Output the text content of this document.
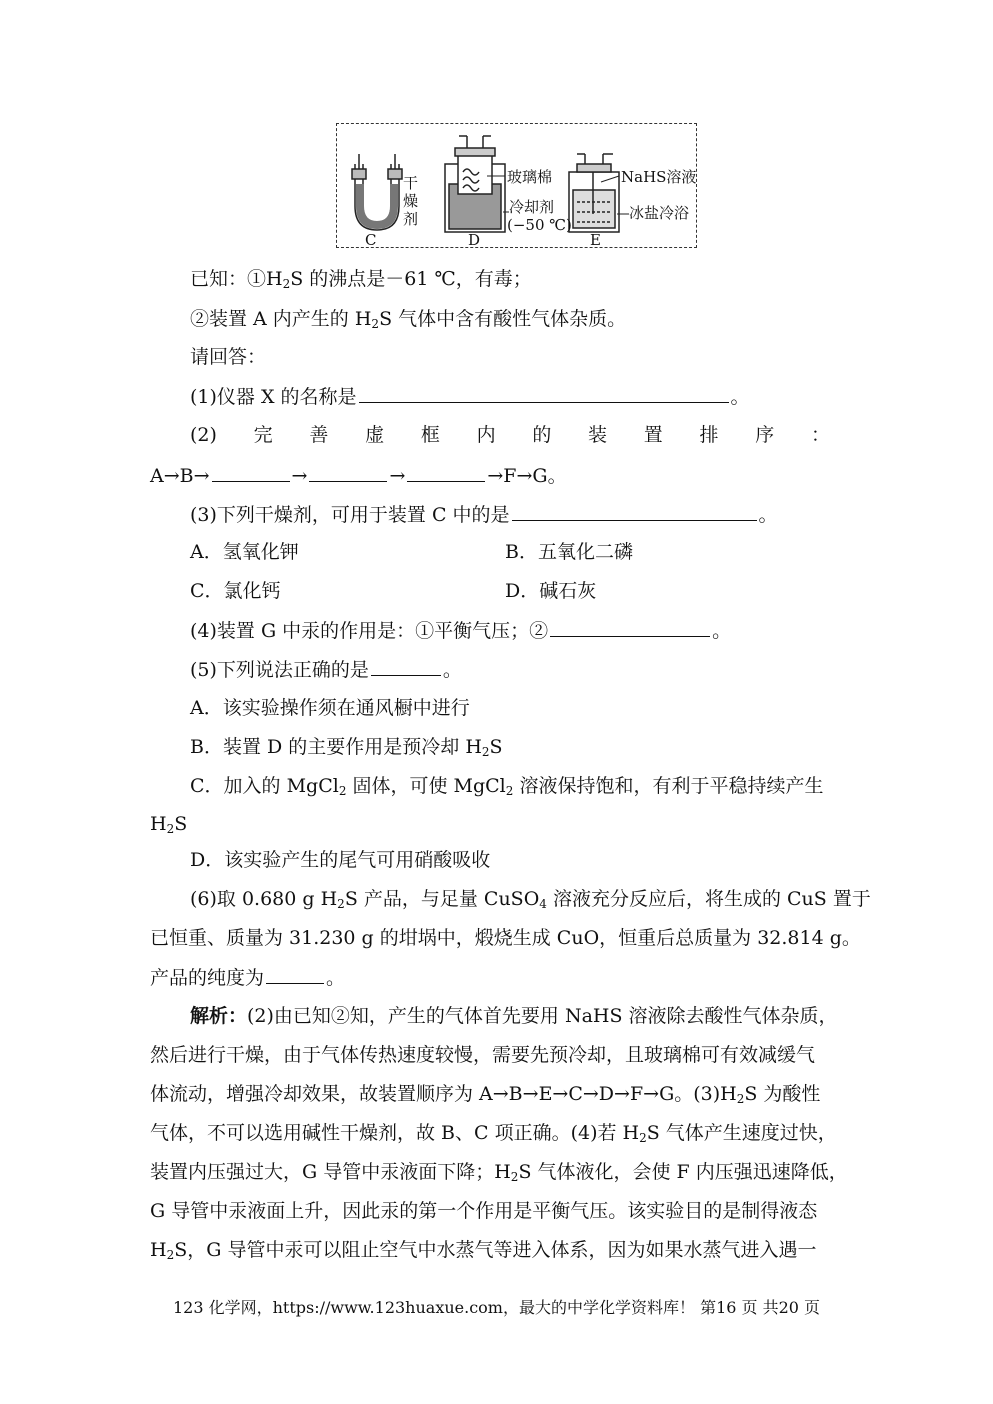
干
燥
剂
C	D	E
玻璃棉
冷却剂
(−50 ℃)
NaHS溶液
冰盐冷浴
已知：$①H_2S$ 的沸点是－61 ℃，有毒；
②装置 A 内产生的 $H_2S$ 气体中含有酸性气体杂质。
请回答：
(1)仪器 X 的名称是	。
(2) 完 善 虚 框 内 的 装 置 排 序 ：
A→B→	→	→	→F→G。
(3)下列干燥剂，可用于装置 C 中的是	。
A．氢氧化钾	B．五氧化二磷
C．氯化钙	D．碱石灰
(4)装置 G 中汞的作用是：①平衡气压；②	。
(5)下列说法正确的是	。
A．该实验操作须在通风橱中进行
B．装置 D 的主要作用是预冷却 $H_2S$
C．加入的 MgCl$_2$ 固体，可使 MgCl$_2$ 溶液保持饱和，有利于平稳持续产生
$H_2S$
D．该实验产生的尾气可用硝酸吸收
(6)取 0.680 g $H_2S$ 产品，与足量 CuSO$_4$ 溶液充分反应后，将生成的 CuS 置于
已恒重、质量为 31.230 g 的坩埚中，煅烧生成 CuO，恒重后总质量为 32.814 g。
产品的纯度为	。
解析：(2)由已知②知，产生的气体首先要用 NaHS 溶液除去酸性气体杂质，
然后进行干燥，由于气体传热速度较慢，需要先预冷却，且玻璃棉可有效减缓气
体流动，增强冷却效果，故装置顺序为 A→B→E→C→D→F→G。$(3)H_2S$ 为酸性
气体，不可以选用碱性干燥剂，故 B、C 项正确。(4)若 $H_2S$ 气体产生速度过快，
装置内压强过大，G 导管中汞液面下降；$H_2S$ 气体液化，会使 F 内压强迅速降低，
G 导管中汞液面上升，因此汞的第一个作用是平衡气压。该实验目的是制得液态
$H_2S$，G 导管中汞可以阻止空气中水蒸气等进入体系，因为如果水蒸气进入遇一
123 化学网，https://www.123huaxue.com，最大的中学化学资料库！ 第16 页 共20 页
